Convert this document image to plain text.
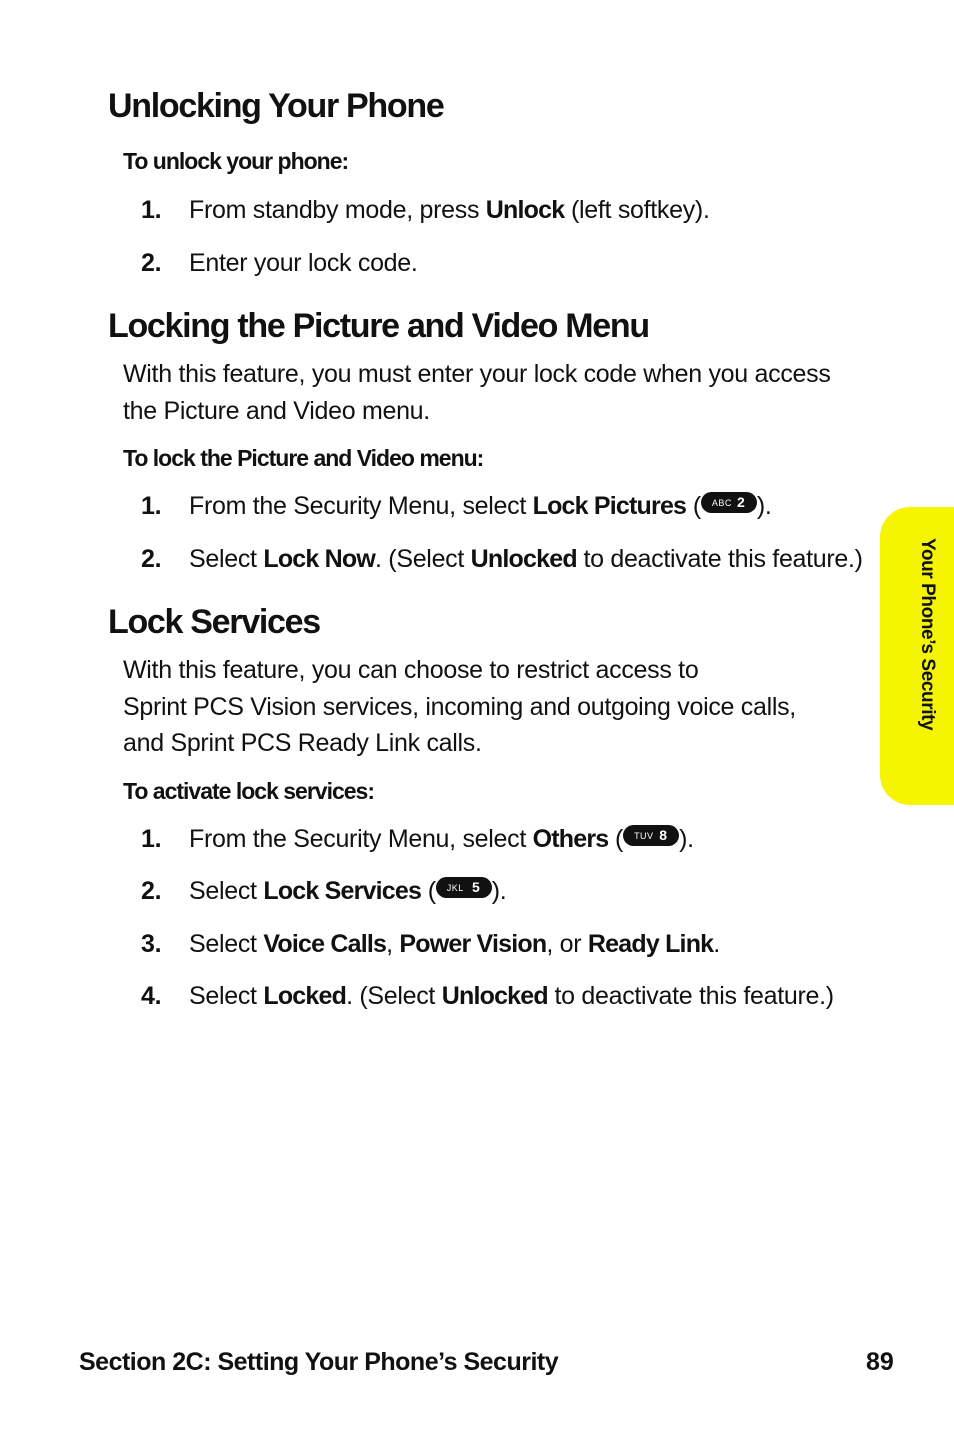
Unlocking Your Phone

To unlock your phone:

1. From standby mode, press Unlock (left softkey).
2. Enter your lock code.
Locking the Picture and Video Menu

With this feature, you must enter your lock code when you access the Picture and Video menu.

To lock the Picture and Video menu:

1. From the Security Menu, select Lock Pictures ( ABC 2 ).
2. Select Lock Now. (Select Unlocked to deactivate this feature.)
Lock Services

With this feature, you can choose to restrict access to
Sprint PCS Vision services, incoming and outgoing voice calls,
and Sprint PCS Ready Link calls.

To activate lock services:

1. From the Security Menu, select Others ( TUV 8 ).
2. Select Lock Services ( JKL 5 ).
3. Select Voice Calls, Power Vision, or Ready Link.
4. Select Locked. (Select Unlocked to deactivate this feature.)
Your Phone’s Security
Section 2C: Setting Your Phone’s Security	89
